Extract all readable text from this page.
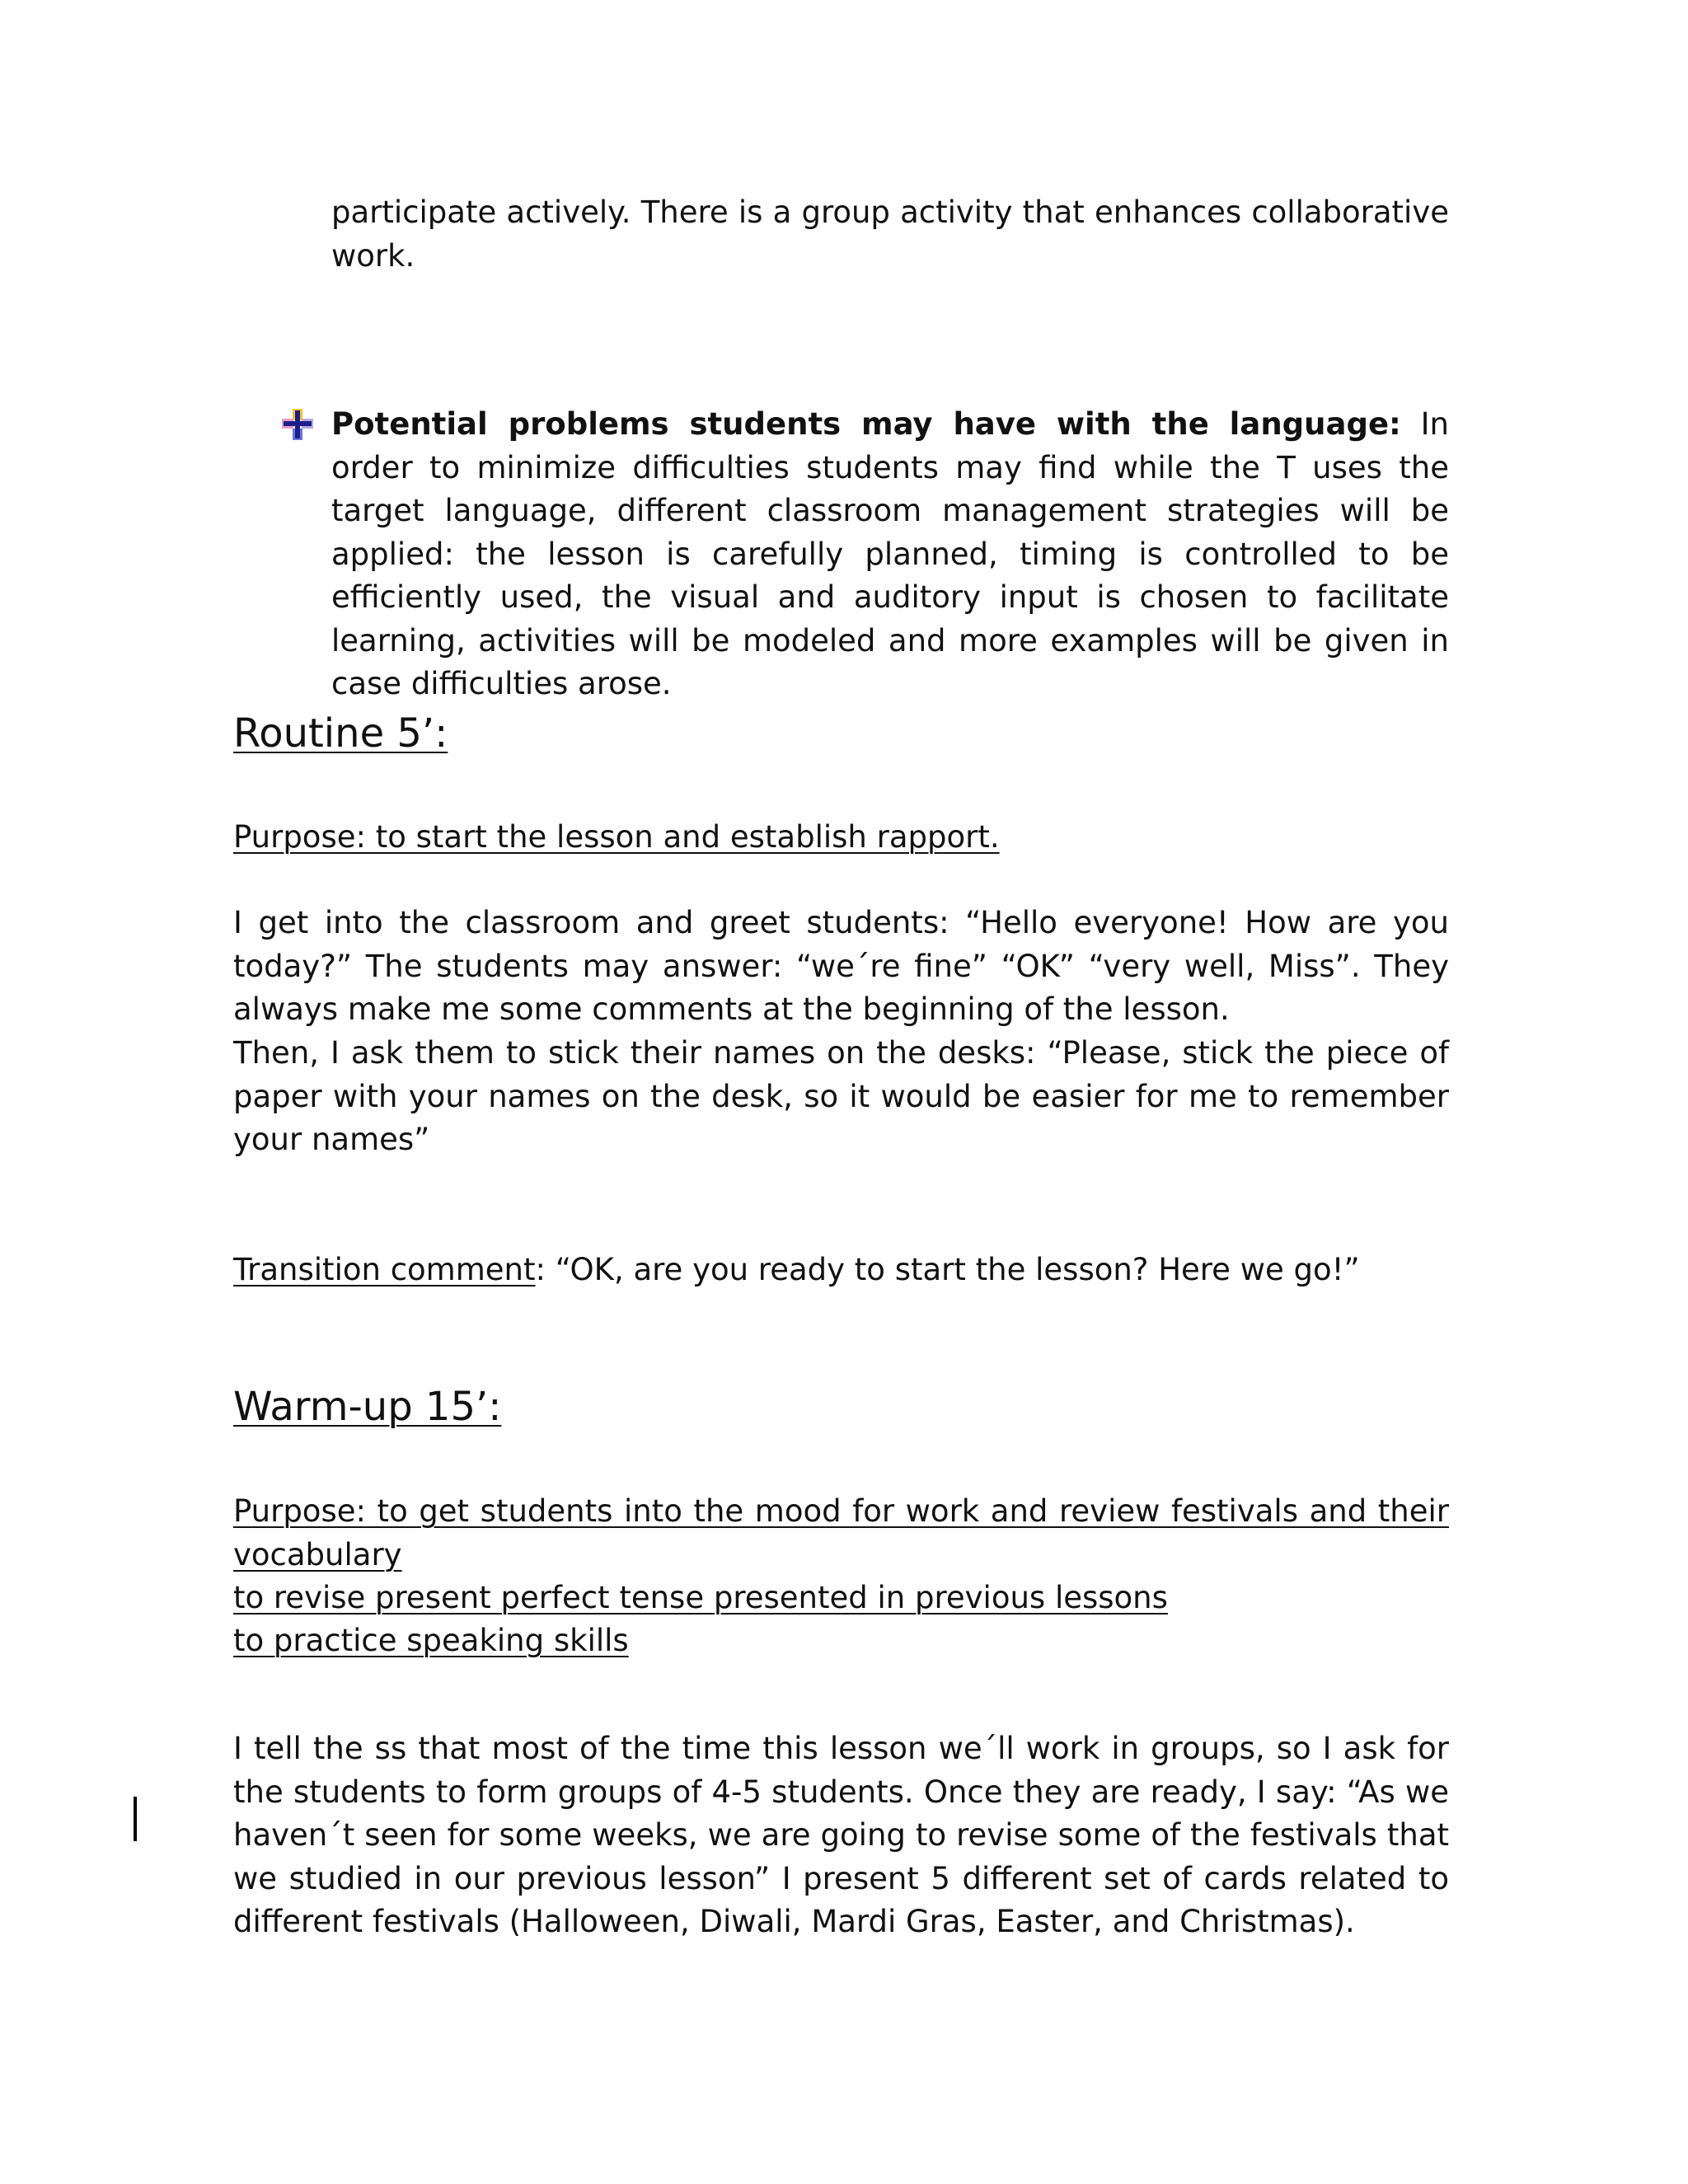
participate actively. There is a group activity that enhances collaborative work.

Potential problems students may have with the language: In order to minimize difficulties students may find while the T uses the target language, different classroom management strategies will be applied: the lesson is carefully planned, timing is controlled to be efficiently used, the visual and auditory input is chosen to facilitate learning, activities will be modeled and more examples will be given in case difficulties arose.

Routine 5’:

Purpose: to start the lesson and establish rapport.

I get into the classroom and greet students: “Hello everyone! How are you today?” The students may answer: “we´re fine” “OK” “very well, Miss”. They always make me some comments at the beginning of the lesson.

Then, I ask them to stick their names on the desks: “Please, stick the piece of paper with your names on the desk, so it would be easier for me to remember your names”

Transition comment: “OK, are you ready to start the lesson? Here we go!”

Warm-up 15’:

Purpose: to get students into the mood for work and review festivals and their vocabulary

to revise present perfect tense presented in previous lessons

to practice speaking skills

I tell the ss that most of the time this lesson we´ll work in groups, so I ask for the students to form groups of 4-5 students. Once they are ready, I say: “As we haven´t seen for some weeks, we are going to revise some of the festivals that we studied in our previous lesson” I present 5 different set of cards related to different festivals (Halloween, Diwali, Mardi Gras, Easter, and Christmas).
